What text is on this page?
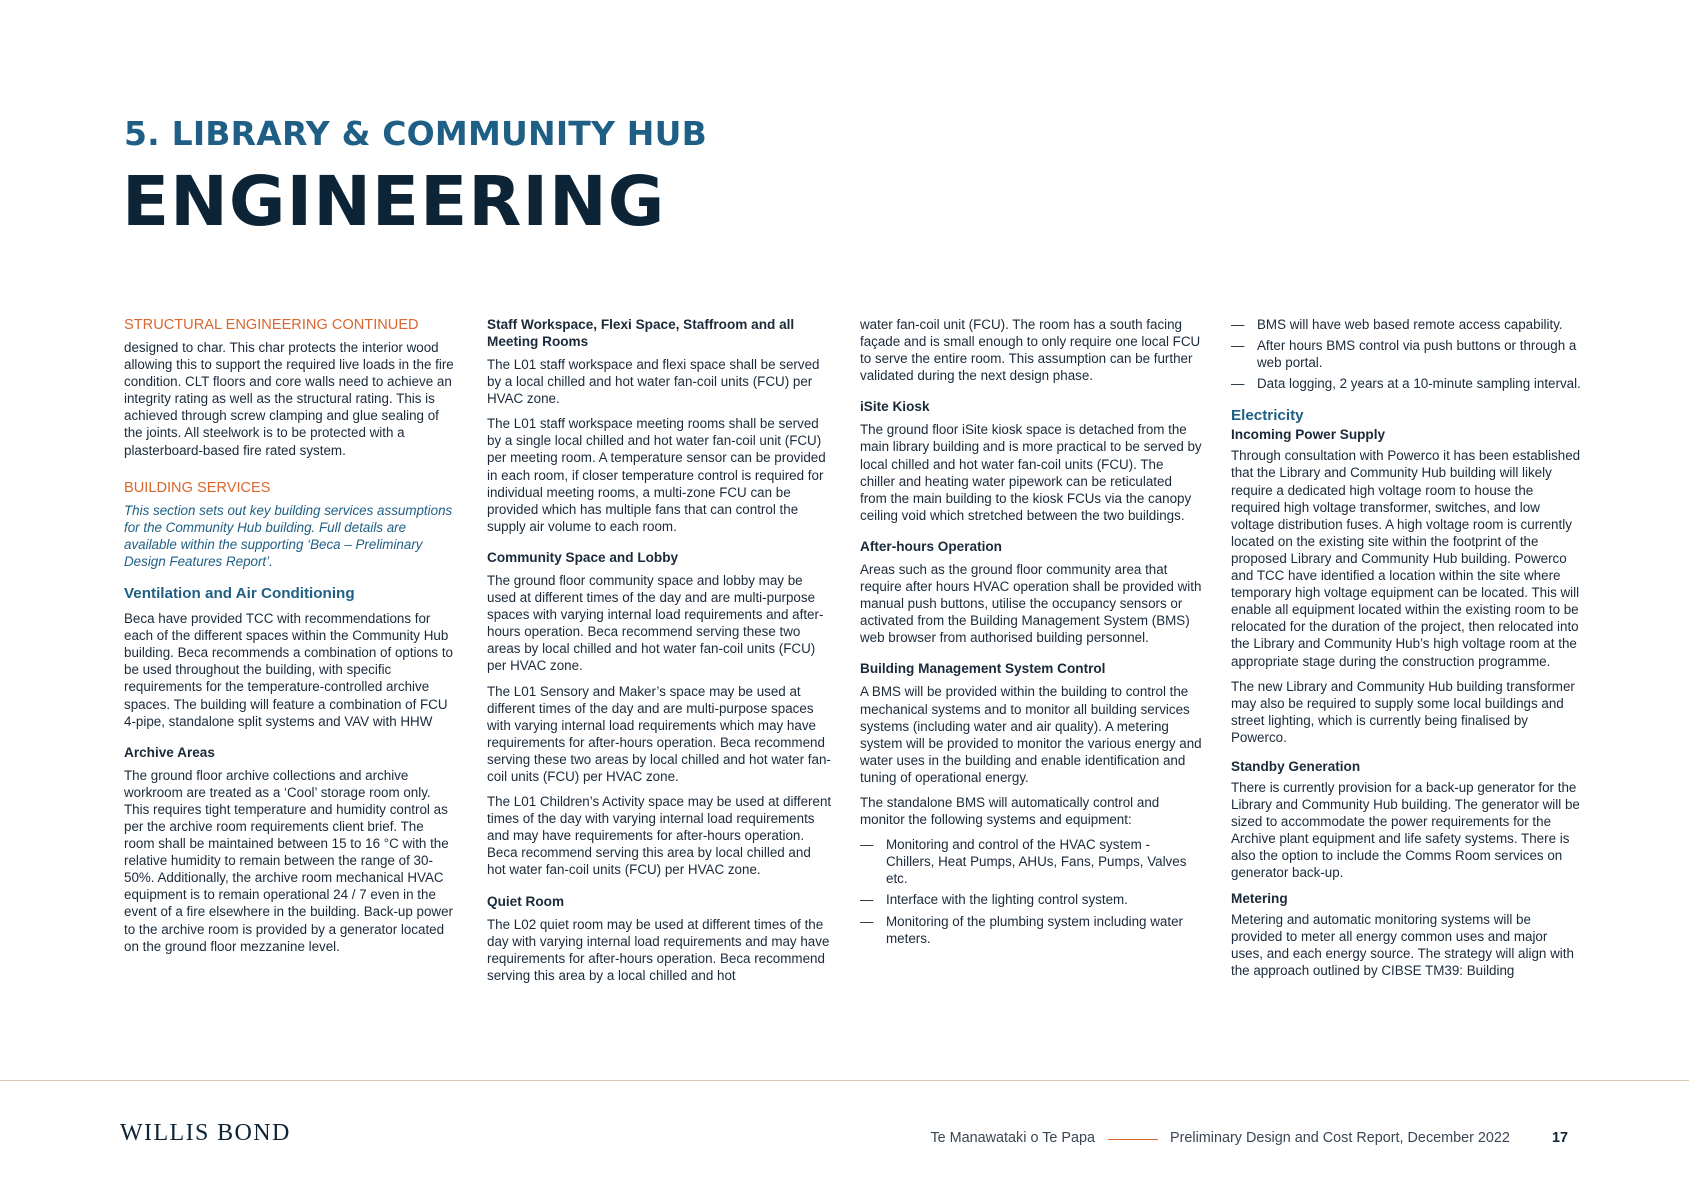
5. LIBRARY & COMMUNITY HUB
ENGINEERING
STRUCTURAL ENGINEERING CONTINUED

designed to char. This char protects the interior wood allowing this to support the required live loads in the fire condition. CLT floors and core walls need to achieve an integrity rating as well as the structural rating. This is achieved through screw clamping and glue sealing of the joints. All steelwork is to be protected with a plasterboard-based fire rated system.

BUILDING SERVICES

This section sets out key building services assumptions for the Community Hub building. Full details are available within the supporting ‘Beca – Preliminary Design Features Report’.

Ventilation and Air Conditioning

Beca have provided TCC with recommendations for each of the different spaces within the Community Hub building. Beca recommends a combination of options to be used throughout the building, with specific requirements for the temperature-controlled archive spaces. The building will feature a combination of FCU 4-pipe, standalone split systems and VAV with HHW

Archive Areas

The ground floor archive collections and archive workroom are treated as a ‘Cool’ storage room only. This requires tight temperature and humidity control as per the archive room requirements client brief. The room shall be maintained between 15 to 16 °C with the relative humidity to remain between the range of 30-50%. Additionally, the archive room mechanical HVAC equipment is to remain operational 24 / 7 even in the event of a fire elsewhere in the building. Back-up power to the archive room is provided by a generator located on the ground floor mezzanine level.

Staff Workspace, Flexi Space, Staffroom and all Meeting Rooms

The L01 staff workspace and flexi space shall be served by a local chilled and hot water fan-coil units (FCU) per HVAC zone.

The L01 staff workspace meeting rooms shall be served by a single local chilled and hot water fan-coil unit (FCU) per meeting room. A temperature sensor can be provided in each room, if closer temperature control is required for individual meeting rooms, a multi-zone FCU can be provided which has multiple fans that can control the supply air volume to each room.

Community Space and Lobby

The ground floor community space and lobby may be used at different times of the day and are multi-purpose spaces with varying internal load requirements and after-hours operation. Beca recommend serving these two areas by local chilled and hot water fan-coil units (FCU) per HVAC zone.

The L01 Sensory and Maker’s space may be used at different times of the day and are multi-purpose spaces with varying internal load requirements which may have requirements for after-hours operation. Beca recommend serving these two areas by local chilled and hot water fan-coil units (FCU) per HVAC zone.

The L01 Children’s Activity space may be used at different times of the day with varying internal load requirements and may have requirements for after-hours operation. Beca recommend serving this area by local chilled and hot water fan-coil units (FCU) per HVAC zone.

Quiet Room

The L02 quiet room may be used at different times of the day with varying internal load requirements and may have requirements for after-hours operation. Beca recommend serving this area by a local chilled and hot

water fan-coil unit (FCU). The room has a south facing façade and is small enough to only require one local FCU to serve the entire room. This assumption can be further validated during the next design phase.

iSite Kiosk

The ground floor iSite kiosk space is detached from the main library building and is more practical to be served by local chilled and hot water fan-coil units (FCU). The chiller and heating water pipework can be reticulated from the main building to the kiosk FCUs via the canopy ceiling void which stretched between the two buildings.

After-hours Operation

Areas such as the ground floor community area that require after hours HVAC operation shall be provided with manual push buttons, utilise the occupancy sensors or activated from the Building Management System (BMS) web browser from authorised building personnel.

Building Management System Control

A BMS will be provided within the building to control the mechanical systems and to monitor all building services systems (including water and air quality). A metering system will be provided to monitor the various energy and water uses in the building and enable identification and tuning of operational energy.

The standalone BMS will automatically control and monitor the following systems and equipment:

— Monitoring and control of the HVAC system - Chillers, Heat Pumps, AHUs, Fans, Pumps, Valves etc.
— Interface with the lighting control system.
— Monitoring of the plumbing system including water meters.
— BMS will have web based remote access capability.
— After hours BMS control via push buttons or through a web portal.
— Data logging, 2 years at a 10-minute sampling interval.
Electricity
Incoming Power Supply

Through consultation with Powerco it has been established that the Library and Community Hub building will likely require a dedicated high voltage room to house the required high voltage transformer, switches, and low voltage distribution fuses. A high voltage room is currently located on the existing site within the footprint of the proposed Library and Community Hub building. Powerco and TCC have identified a location within the site where temporary high voltage equipment can be located. This will enable all equipment located within the existing room to be relocated for the duration of the project, then relocated into the Library and Community Hub’s high voltage room at the appropriate stage during the construction programme.

The new Library and Community Hub building transformer may also be required to supply some local buildings and street lighting, which is currently being finalised by Powerco.

Standby Generation

There is currently provision for a back-up generator for the Library and Community Hub building. The generator will be sized to accommodate the power requirements for the Archive plant equipment and life safety systems. There is also the option to include the Comms Room services on generator back-up.

Metering

Metering and automatic monitoring systems will be provided to meter all energy common uses and major uses, and each energy source. The strategy will align with the approach outlined by CIBSE TM39: Building

WILLIS BOND	Te Manawataki o Te Papa	Preliminary Design and Cost Report, December 2022	17
